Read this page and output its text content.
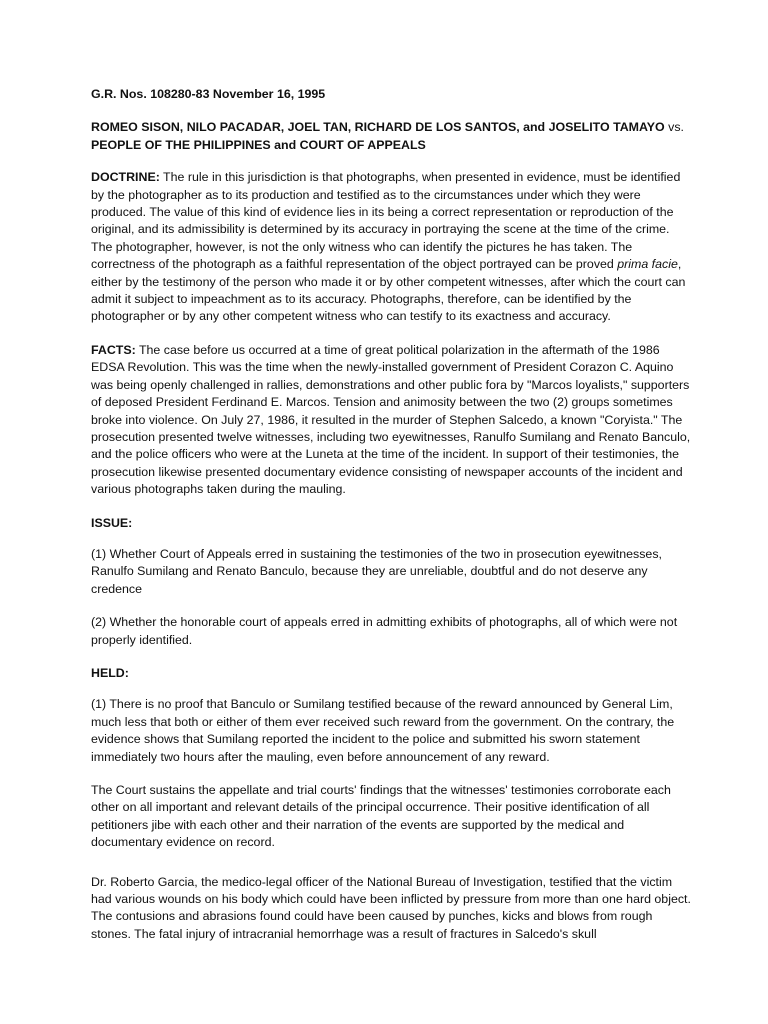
G.R. Nos. 108280-83 November 16, 1995

ROMEO SISON, NILO PACADAR, JOEL TAN, RICHARD DE LOS SANTOS, and JOSELITO TAMAYO vs. PEOPLE OF THE PHILIPPINES and COURT OF APPEALS

DOCTRINE: The rule in this jurisdiction is that photographs, when presented in evidence, must be identified by the photographer as to its production and testified as to the circumstances under which they were produced. The value of this kind of evidence lies in its being a correct representation or reproduction of the original, and its admissibility is determined by its accuracy in portraying the scene at the time of the crime. The photographer, however, is not the only witness who can identify the pictures he has taken. The correctness of the photograph as a faithful representation of the object portrayed can be proved prima facie, either by the testimony of the person who made it or by other competent witnesses, after which the court can admit it subject to impeachment as to its accuracy. Photographs, therefore, can be identified by the photographer or by any other competent witness who can testify to its exactness and accuracy.

FACTS: The case before us occurred at a time of great political polarization in the aftermath of the 1986 EDSA Revolution. This was the time when the newly-installed government of President Corazon C. Aquino was being openly challenged in rallies, demonstrations and other public fora by "Marcos loyalists," supporters of deposed President Ferdinand E. Marcos. Tension and animosity between the two (2) groups sometimes broke into violence. On July 27, 1986, it resulted in the murder of Stephen Salcedo, a known "Coryista." The prosecution presented twelve witnesses, including two eyewitnesses, Ranulfo Sumilang and Renato Banculo, and the police officers who were at the Luneta at the time of the incident. In support of their testimonies, the prosecution likewise presented documentary evidence consisting of newspaper accounts of the incident and various photographs taken during the mauling.

ISSUE:

(1) Whether Court of Appeals erred in sustaining the testimonies of the two in prosecution eyewitnesses, Ranulfo Sumilang and Renato Banculo, because they are unreliable, doubtful and do not deserve any credence

(2) Whether the honorable court of appeals erred in admitting exhibits of photographs, all of which were not properly identified.

HELD:

(1) There is no proof that Banculo or Sumilang testified because of the reward announced by General Lim, much less that both or either of them ever received such reward from the government. On the contrary, the evidence shows that Sumilang reported the incident to the police and submitted his sworn statement immediately two hours after the mauling, even before announcement of any reward.

The Court sustains the appellate and trial courts' findings that the witnesses' testimonies corroborate each other on all important and relevant details of the principal occurrence. Their positive identification of all petitioners jibe with each other and their narration of the events are supported by the medical and documentary evidence on record.

Dr. Roberto Garcia, the medico-legal officer of the National Bureau of Investigation, testified that the victim had various wounds on his body which could have been inflicted by pressure from more than one hard object. The contusions and abrasions found could have been caused by punches, kicks and blows from rough stones. The fatal injury of intracranial hemorrhage was a result of fractures in Salcedo's skull
